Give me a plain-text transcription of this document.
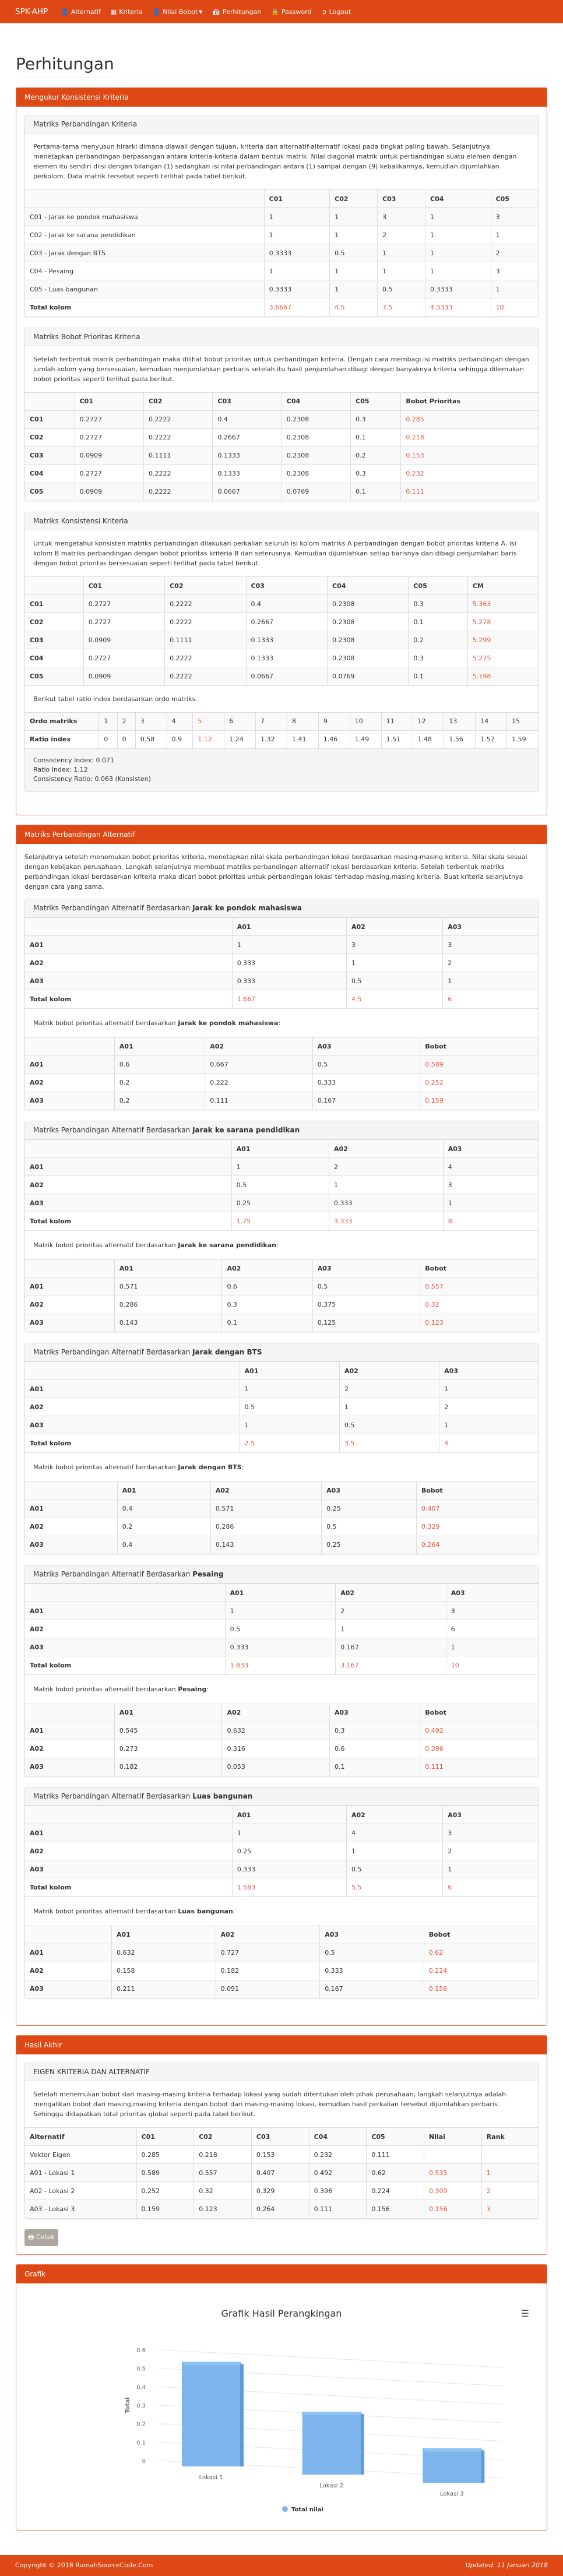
SPK-AHP 👤 Alternatif ▦ Kriteria 👤 Nilai Bobot ▼ 📅 Perhitungan 🔒 Password ➲ Logout
Perhitungan
Mengukur Konsistensi Kriteria
Matriks Perbandingan Kriteria

Pertama-tama menyusun hirarki dimana diawali dengan tujuan, kriteria dan alternatif-alternatif lokasi pada tingkat paling bawah. Selanjutnya menetapkan perbandingan berpasangan antara kriteria-kriteria dalam bentuk matrik. Nilai diagonal matrik untuk perbandingan suatu elemen dengan elemen itu sendiri diisi dengan bilangan (1) sedangkan isi nilai perbandingan antara (1) sampai dengan (9) kebalikannya, kemudian dijumlahkan perkolom. Data matrik tersebut seperti terlihat pada tabel berikut.

	C01	C02	C03	C04	C05
C01 - Jarak ke pondok mahasiswa	1	1	3	1	3
C02 - Jarak ke sarana pendidikan	1	1	2	1	1
C03 - Jarak dengan BTS	0.3333	0.5	1	1	2
C04 - Pesaing	1	1	1	1	3
C05 - Luas bangunan	0.3333	1	0.5	0.3333	1
Total kolom	3.6667	4.5	7.5	4.3333	10
Matriks Bobot Prioritas Kriteria

Setelah terbentuk matrik perbandingan maka dilihat bobot prioritas untuk perbandingan kriteria. Dengan cara membagi isi matriks perbandingan dengan jumlah kolom yang bersesuaian, kemudian menjumlahkan perbaris setelah itu hasil penjumlahan dibagi dengan banyaknya kriteria sehingga ditemukan bobot prioritas seperti terlihat pada berikut.

	C01	C02	C03	C04	C05	Bobot Prioritas
C01	0.2727	0.2222	0.4	0.2308	0.3	0.285
C02	0.2727	0.2222	0.2667	0.2308	0.1	0.218
C03	0.0909	0.1111	0.1333	0.2308	0.2	0.153
C04	0.2727	0.2222	0.1333	0.2308	0.3	0.232
C05	0.0909	0.2222	0.0667	0.0769	0.1	0.111
Matriks Konsistensi Kriteria

Untuk mengetahui konsisten matriks perbandingan dilakukan perkalian seluruh isi kolom matriks A perbandingan dengan bobot prioritas kriteria A, isi kolom B matriks perbandingan dengan bobot prioritas kriteria B dan seterusnya. Kemudian dijumlahkan setiap barisnya dan dibagi penjumlahan baris dengan bobot prioritas bersesuaian seperti terlihat pada tabel berikut.

	C01	C02	C03	C04	C05	CM
C01	0.2727	0.2222	0.4	0.2308	0.3	5.363
C02	0.2727	0.2222	0.2667	0.2308	0.1	5.278
C03	0.0909	0.1111	0.1333	0.2308	0.2	5.299
C04	0.2727	0.2222	0.1333	0.2308	0.3	5.275
C05	0.0909	0.2222	0.0667	0.0769	0.1	5.198

Berikut tabel ratio index berdasarkan ordo matriks.

Ordo matriks	1	2	3	4	5	6	7	8	9	10	11	12	13	14	15
Ratio index	0	0	0.58	0.9	1.12	1.24	1.32	1.41	1.46	1.49	1.51	1.48	1.56	1.57	1.59
Consistency Index: 0.071
Ratio Index: 1.12
Consistency Ratio: 0.063 (Konsisten)
Matriks Perbandingan Alternatif

Selanjutnya setelah menemukan bobot prioritas kriteria, menetapkan nilai skala perbandingan lokasi berdasarkan masing-masing kriteria. Nilai skala sesuai dengan kebijakan perusahaan. Langkah selanjutnya membuat matriks perbandingan alternatif lokasi berdasarkan kriteria. Setelah terbentuk matriks perbandingan lokasi berdasarkan kriteria maka dicari bobot prioritas untuk perbandingan lokasi terhadap masing,masing kriteria. Buat kriteria selanjutnya dengan cara yang sama.

Matriks Perbandingan Alternatif Berdasarkan Jarak ke pondok mahasiswa
	A01	A02	A03
A01	1	3	3
A02	0.333	1	2
A03	0.333	0.5	1
Total kolom	1.667	4.5	6

Matrik bobot prioritas alternatif berdasarkan Jarak ke pondok mahasiswa:

	A01	A02	A03	Bobot
A01	0.6	0.667	0.5	0.589
A02	0.2	0.222	0.333	0.252
A03	0.2	0.111	0.167	0.159
Matriks Perbandingan Alternatif Berdasarkan Jarak ke sarana pendidikan
	A01	A02	A03
A01	1	2	4
A02	0.5	1	3
A03	0.25	0.333	1
Total kolom	1.75	3.333	8

Matrik bobot prioritas alternatif berdasarkan Jarak ke sarana pendidikan:

	A01	A02	A03	Bobot
A01	0.571	0.6	0.5	0.557
A02	0.286	0.3	0.375	0.32
A03	0.143	0.1	0.125	0.123
Matriks Perbandingan Alternatif Berdasarkan Jarak dengan BTS
	A01	A02	A03
A01	1	2	1
A02	0.5	1	2
A03	1	0.5	1
Total kolom	2.5	3.5	4

Matrik bobot prioritas alternatif berdasarkan Jarak dengan BTS:

	A01	A02	A03	Bobot
A01	0.4	0.571	0.25	0.407
A02	0.2	0.286	0.5	0.329
A03	0.4	0.143	0.25	0.264
Matriks Perbandingan Alternatif Berdasarkan Pesaing
	A01	A02	A03
A01	1	2	3
A02	0.5	1	6
A03	0.333	0.167	1
Total kolom	1.833	3.167	10

Matrik bobot prioritas alternatif berdasarkan Pesaing:

	A01	A02	A03	Bobot
A01	0.545	0.632	0.3	0.492
A02	0.273	0.316	0.6	0.396
A03	0.182	0.053	0.1	0.111
Matriks Perbandingan Alternatif Berdasarkan Luas bangunan
	A01	A02	A03
A01	1	4	3
A02	0.25	1	2
A03	0.333	0.5	1
Total kolom	1.583	5.5	6

Matrik bobot prioritas alternatif berdasarkan Luas bangunan:

	A01	A02	A03	Bobot
A01	0.632	0.727	0.5	0.62
A02	0.158	0.182	0.333	0.224
A03	0.211	0.091	0.167	0.156
Hasil Akhir
EIGEN KRITERIA DAN ALTERNATIF

Setelah menemukan bobot dari masing-masing kriteria terhadap lokasi yang sudah ditentukan oleh pihak perusahaan, langkah selanjutnya adalah mengalikan bobot dari masing,masing kriteria dengan bobot dari masing-masing lokasi, kemudian hasil perkalian tersebut dijumlahkan perbaris. Sehingga didapatkan total prioritas global seperti pada tabel berikut.

Alternatif	C01	C02	C03	C04	C05	Nilai	Rank
Vektor Eigen	0.285	0.218	0.153	0.232	0.111		
A01 - Lokasi 1	0.589	0.557	0.407	0.492	0.62	0.535	1
A02 - Lokasi 2	0.252	0.32	0.329	0.396	0.224	0.309	2
A03 - Lokasi 3	0.159	0.123	0.264	0.111	0.156	0.156	3
🖶 Cetak
Grafik
Grafik Hasil Perangkingan	☰
0
0.1
0.2
0.3
0.4
0.5
0.6
Total
Lokasi 1
Lokasi 2
Lokasi 3
Total nilai
Copyright © 2018 RumahSourceCode.Com	Updated: 11 Januari 2018
